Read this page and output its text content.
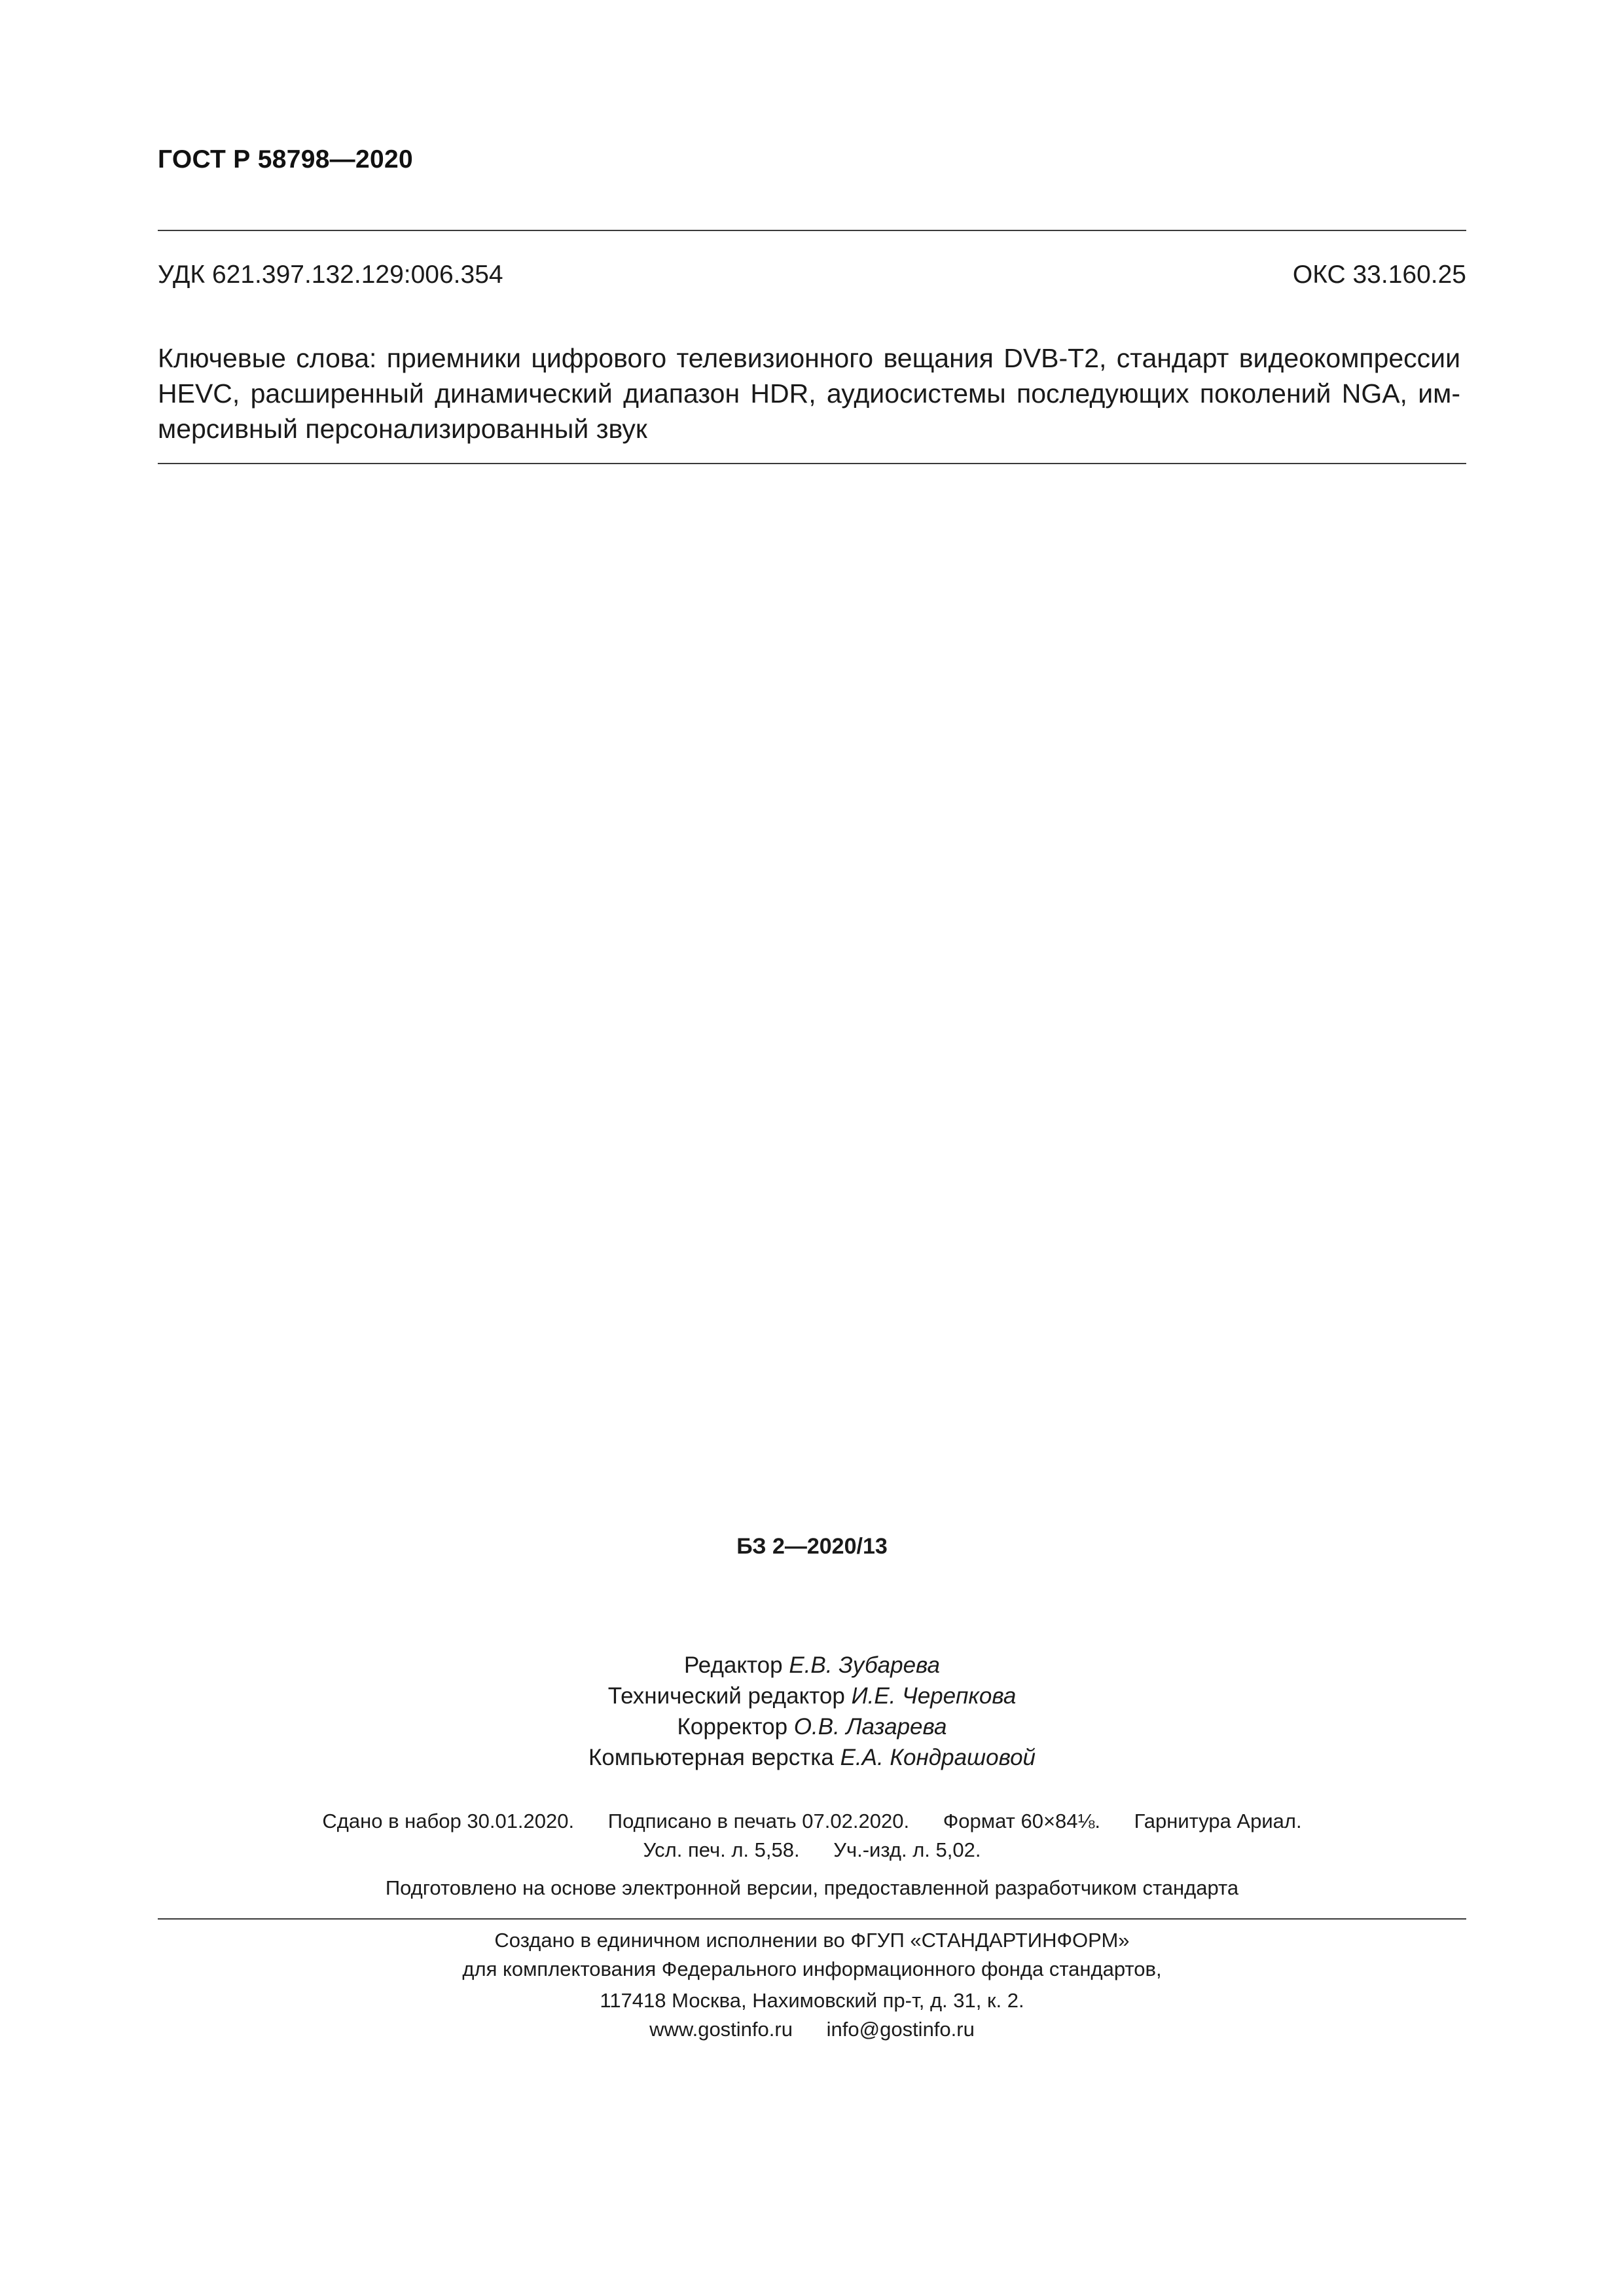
ГОСТ Р 58798—2020
УДК 621.397.132.129:006.354	ОКС 33.160.25
Ключевые слова: приемники цифрового телевизионного вещания DVB-T2, стандарт видеокомпрессии
HEVC, расширенный динамический диапазон HDR, аудиосистемы последующих поколений NGA, им-
мерсивный персонализированный звук
БЗ 2—2020/13
Редактор Е.В. Зубарева
Технический редактор И.Е. Черепкова
Корректор О.В. Лазарева
Компьютерная верстка Е.А. Кондрашовой
Сдано в набор 30.01.2020.      Подписано в печать 07.02.2020.      Формат 60×84⅛.      Гарнитура Ариал.
Усл. печ. л. 5,58.      Уч.-изд. л. 5,02.
Подготовлено на основе электронной версии, предоставленной разработчиком стандарта
Создано в единичном исполнении во ФГУП «СТАНДАРТИНФОРМ»
для комплектования Федерального информационного фонда стандартов,
117418 Москва, Нахимовский пр-т, д. 31, к. 2.
www.gostinfo.ru      info@gostinfo.ru
